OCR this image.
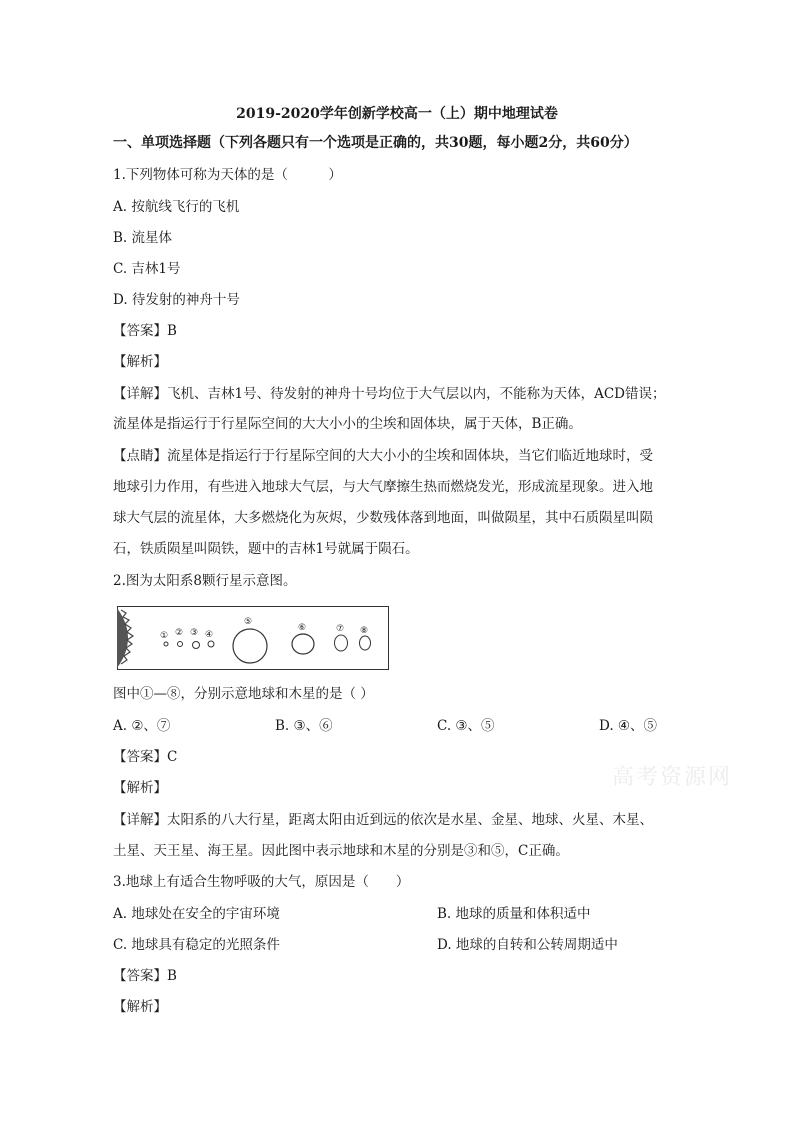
2019-2020学年创新学校高一（上）期中地理试卷
一、单项选择题（下列各题只有一个选项是正确的，共30题，每小题2分，共60分）
1.下列物体可称为天体的是（　　　）
A. 按航线飞行的飞机
B. 流星体
C. 吉林1号
D. 待发射的神舟十号
【答案】B
【解析】
【详解】飞机、吉林1号、待发射的神舟十号均位于大气层以内，不能称为天体，ACD错误；
流星体是指运行于行星际空间的大大小小的尘埃和固体块，属于天体，B正确。
【点睛】流星体是指运行于行星际空间的大大小小的尘埃和固体块，当它们临近地球时，受
地球引力作用，有些进入地球大气层，与大气摩擦生热而燃烧发光，形成流星现象。进入地
球大气层的流星体，大多燃烧化为灰烬，少数残体落到地面，叫做陨星，其中石质陨星叫陨
石，铁质陨星叫陨铁，题中的吉林1号就属于陨石。
2.图为太阳系8颗行星示意图。
① ② ③ ④
⑤
⑥	⑦ ⑧
图中①—⑧，分别示意地球和木星的是（ ）
A. ②、⑦	B. ③、⑥	C. ③、⑤	D. ④、⑤
【答案】C
【解析】
【详解】太阳系的八大行星，距离太阳由近到远的依次是水星、金星、地球、火星、木星、
土星、天王星、海王星。因此图中表示地球和木星的分别是③和⑤，C正确。
高考资源网
3.地球上有适合生物呼吸的大气，原因是（　　）
A. 地球处在安全的宇宙环境	B. 地球的质量和体积适中
C. 地球具有稳定的光照条件	D. 地球的自转和公转周期适中
【答案】B
【解析】
